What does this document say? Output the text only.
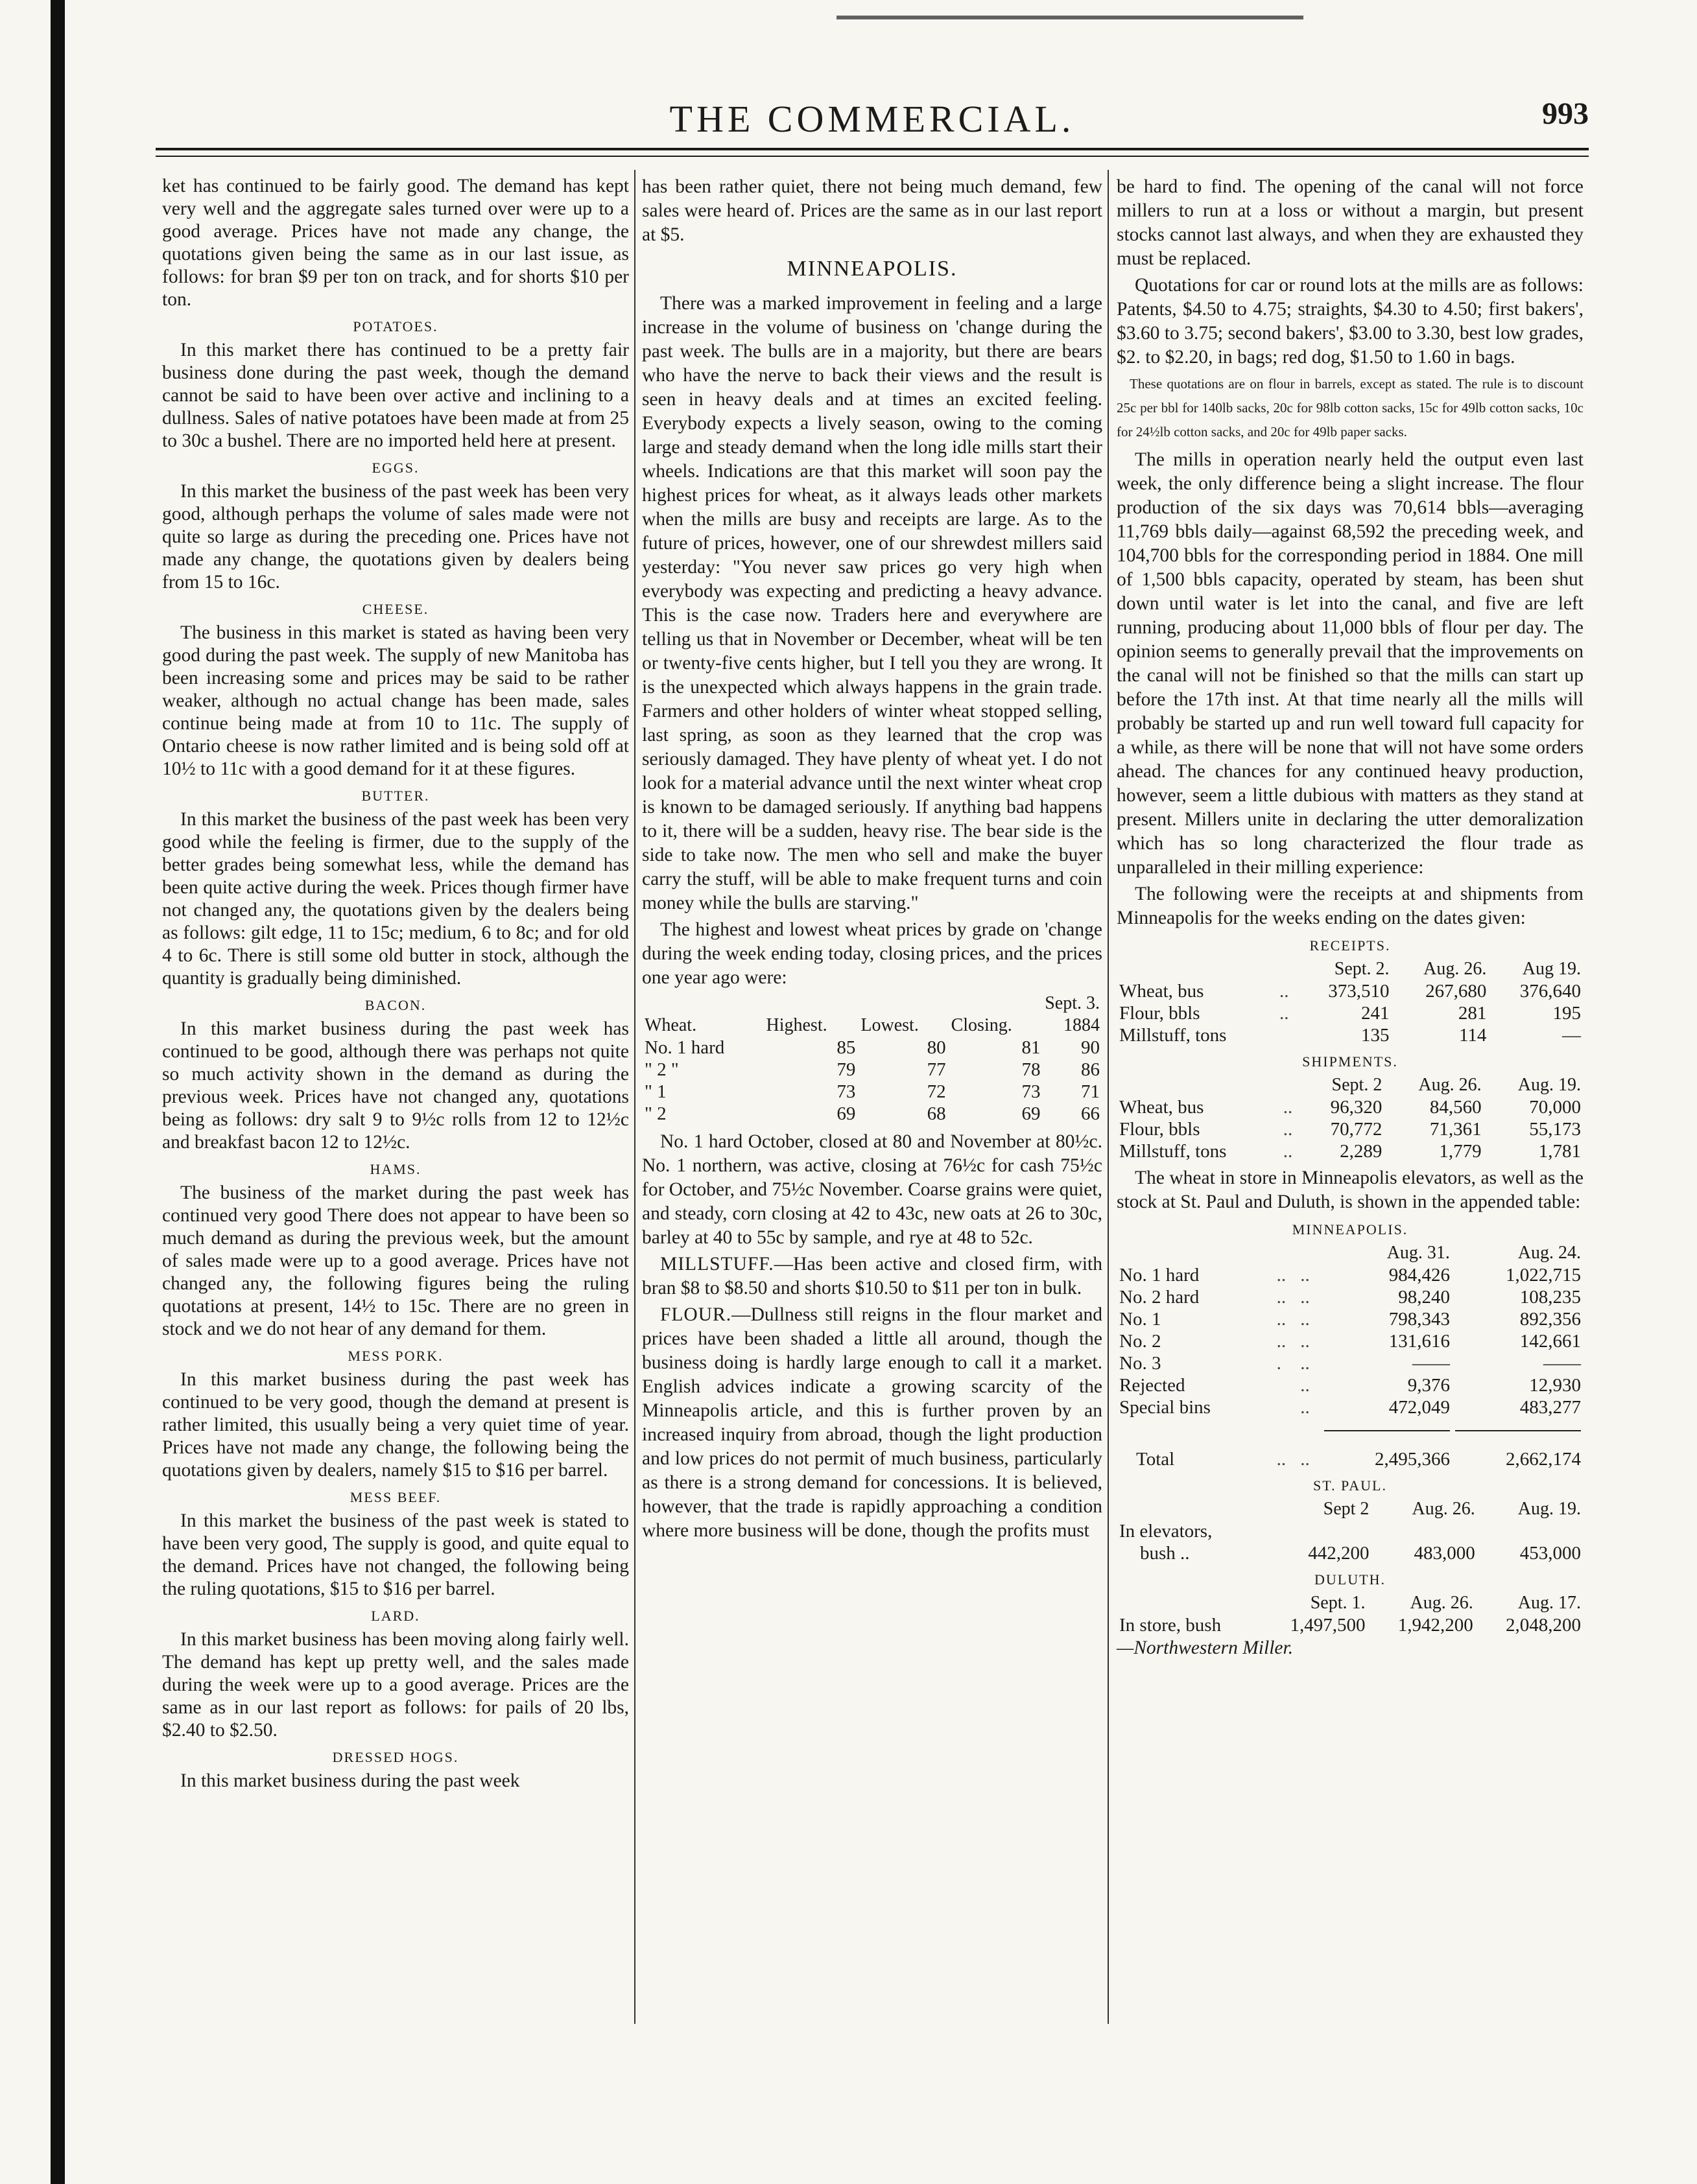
THE COMMERCIAL.	993

ket has continued to be fairly good. The demand has kept very well and the aggregate sales turned over were up to a good average. Prices have not made any change, the quotations given being the same as in our last issue, as follows: for bran $9 per ton on track, and for shorts $10 per ton.

POTATOES.

In this market there has continued to be a pretty fair business done during the past week, though the demand cannot be said to have been over active and inclining to a dullness. Sales of native potatoes have been made at from 25 to 30c a bushel. There are no imported held here at present.

EGGS.

In this market the business of the past week has been very good, although perhaps the volume of sales made were not quite so large as during the preceding one. Prices have not made any change, the quotations given by dealers being from 15 to 16c.

CHEESE.

The business in this market is stated as having been very good during the past week. The supply of new Manitoba has been increasing some and prices may be said to be rather weaker, although no actual change has been made, sales continue being made at from 10 to 11c. The supply of Ontario cheese is now rather limited and is being sold off at 10½ to 11c with a good demand for it at these figures.

BUTTER.

In this market the business of the past week has been very good while the feeling is firmer, due to the supply of the better grades being somewhat less, while the demand has been quite active during the week. Prices though firmer have not changed any, the quotations given by the dealers being as follows: gilt edge, 11 to 15c; medium, 6 to 8c; and for old 4 to 6c. There is still some old butter in stock, although the quantity is gradually being diminished.

BACON.

In this market business during the past week has continued to be good, although there was perhaps not quite so much activity shown in the demand as during the previous week. Prices have not changed any, quotations being as follows: dry salt 9 to 9½c rolls from 12 to 12½c and breakfast bacon 12 to 12½c.

HAMS.

The business of the market during the past week has continued very good There does not appear to have been so much demand as during the previous week, but the amount of sales made were up to a good average. Prices have not changed any, the following figures being the ruling quotations at present, 14½ to 15c. There are no green in stock and we do not hear of any demand for them.

MESS PORK.

In this market business during the past week has continued to be very good, though the demand at present is rather limited, this usually being a very quiet time of year. Prices have not made any change, the following being the quotations given by dealers, namely $15 to $16 per barrel.

MESS BEEF.

In this market the business of the past week is stated to have been very good, The supply is good, and quite equal to the demand. Prices have not changed, the following being the ruling quotations, $15 to $16 per barrel.

LARD.

In this market business has been moving along fairly well. The demand has kept up pretty well, and the sales made during the week were up to a good average. Prices are the same as in our last report as follows: for pails of 20 lbs, $2.40 to $2.50.

DRESSED HOGS.

In this market business during the past week

has been rather quiet, there not being much demand, few sales were heard of. Prices are the same as in our last report at $5.

MINNEAPOLIS.

There was a marked improvement in feeling and a large increase in the volume of business on 'change during the past week. The bulls are in a majority, but there are bears who have the nerve to back their views and the result is seen in heavy deals and at times an excited feeling. Everybody expects a lively season, owing to the coming large and steady demand when the long idle mills start their wheels. Indications are that this market will soon pay the highest prices for wheat, as it always leads other markets when the mills are busy and receipts are large. As to the future of prices, however, one of our shrewdest millers said yesterday: "You never saw prices go very high when everybody was expecting and predicting a heavy advance. This is the case now. Traders here and everywhere are telling us that in November or December, wheat will be ten or twenty-five cents higher, but I tell you they are wrong. It is the unexpected which always happens in the grain trade. Farmers and other holders of winter wheat stopped selling, last spring, as soon as they learned that the crop was seriously damaged. They have plenty of wheat yet. I do not look for a material advance until the next winter wheat crop is known to be damaged seriously. If anything bad happens to it, there will be a sudden, heavy rise. The bear side is the side to take now. The men who sell and make the buyer carry the stuff, will be able to make frequent turns and coin money while the bulls are starving."

The highest and lowest wheat prices by grade on 'change during the week ending today, closing prices, and the prices one year ago were:

			Sept. 3.	
Wheat.	Highest.	Lowest.	Closing.	1884
No. 1 hard	85	80	81	90
" 2 "	79	77	78	86
" 1	73	72	73	71
" 2	69	68	69	66

No. 1 hard October, closed at 80 and November at 80½c. No. 1 northern, was active, closing at 76½c for cash 75½c for October, and 75½c November. Coarse grains were quiet, and steady, corn closing at 42 to 43c, new oats at 26 to 30c, barley at 40 to 55c by sample, and rye at 48 to 52c.

MILLSTUFF.—Has been active and closed firm, with bran $8 to $8.50 and shorts $10.50 to $11 per ton in bulk.

FLOUR.—Dullness still reigns in the flour market and prices have been shaded a little all around, though the business doing is hardly large enough to call it a market. English advices indicate a growing scarcity of the Minneapolis article, and this is further proven by an increased inquiry from abroad, though the light production and low prices do not permit of much business, particularly as there is a strong demand for concessions. It is believed, however, that the trade is rapidly approaching a condition where more business will be done, though the profits must

be hard to find. The opening of the canal will not force millers to run at a loss or without a margin, but present stocks cannot last always, and when they are exhausted they must be replaced.

Quotations for car or round lots at the mills are as follows: Patents, $4.50 to 4.75; straights, $4.30 to 4.50; first bakers', $3.60 to 3.75; second bakers', $3.00 to 3.30, best low grades, $2. to $2.20, in bags; red dog, $1.50 to 1.60 in bags.

These quotations are on flour in barrels, except as stated. The rule is to discount 25c per bbl for 140lb sacks, 20c for 98lb cotton sacks, 15c for 49lb cotton sacks, 10c for 24½lb cotton sacks, and 20c for 49lb paper sacks.

The mills in operation nearly held the output even last week, the only difference being a slight increase. The flour production of the six days was 70,614 bbls—averaging 11,769 bbls daily—against 68,592 the preceding week, and 104,700 bbls for the corresponding period in 1884. One mill of 1,500 bbls capacity, operated by steam, has been shut down until water is let into the canal, and five are left running, producing about 11,000 bbls of flour per day. The opinion seems to generally prevail that the improvements on the canal will not be finished so that the mills can start up before the 17th inst. At that time nearly all the mills will probably be started up and run well toward full capacity for a while, as there will be none that will not have some orders ahead. The chances for any continued heavy production, however, seem a little dubious with matters as they stand at present. Millers unite in declaring the utter demoralization which has so long characterized the flour trade as unparalleled in their milling experience:

The following were the receipts at and shipments from Minneapolis for the weeks ending on the dates given:

RECEIPTS.
		Sept. 2.	Aug. 26.	Aug 19.
Wheat, bus	..	373,510	267,680	376,640
Flour, bbls	..	241	281	195
Millstuff, tons		135	114	—
SHIPMENTS.
		Sept. 2	Aug. 26.	Aug. 19.
Wheat, bus	..	96,320	84,560	70,000
Flour, bbls	..	70,772	71,361	55,173
Millstuff, tons	..	2,289	1,779	1,781

The wheat in store in Minneapolis elevators, as well as the stock at St. Paul and Duluth, is shown in the appended table:

MINNEAPOLIS.
			Aug. 31.	Aug. 24.
No. 1 hard	..	..	984,426	1,022,715
No. 2 hard	..	..	98,240	108,235
No. 1	..	..	798,343	892,356
No. 2	..	..	131,616	142,661
No. 3	.	..	——	——
Rejected		..	9,376	12,930
Special bins		..	472,049	483,277

Total	..	..	2,495,366	2,662,174
ST. PAUL.
	Sept 2	Aug. 26.	Aug. 19.
In elevators,			
bush ..	442,200	483,000	453,000
DULUTH.
	Sept. 1.	Aug. 26.	Aug. 17.
In store, bush	1,497,500	1,942,200	2,048,200

—Northwestern Miller.
